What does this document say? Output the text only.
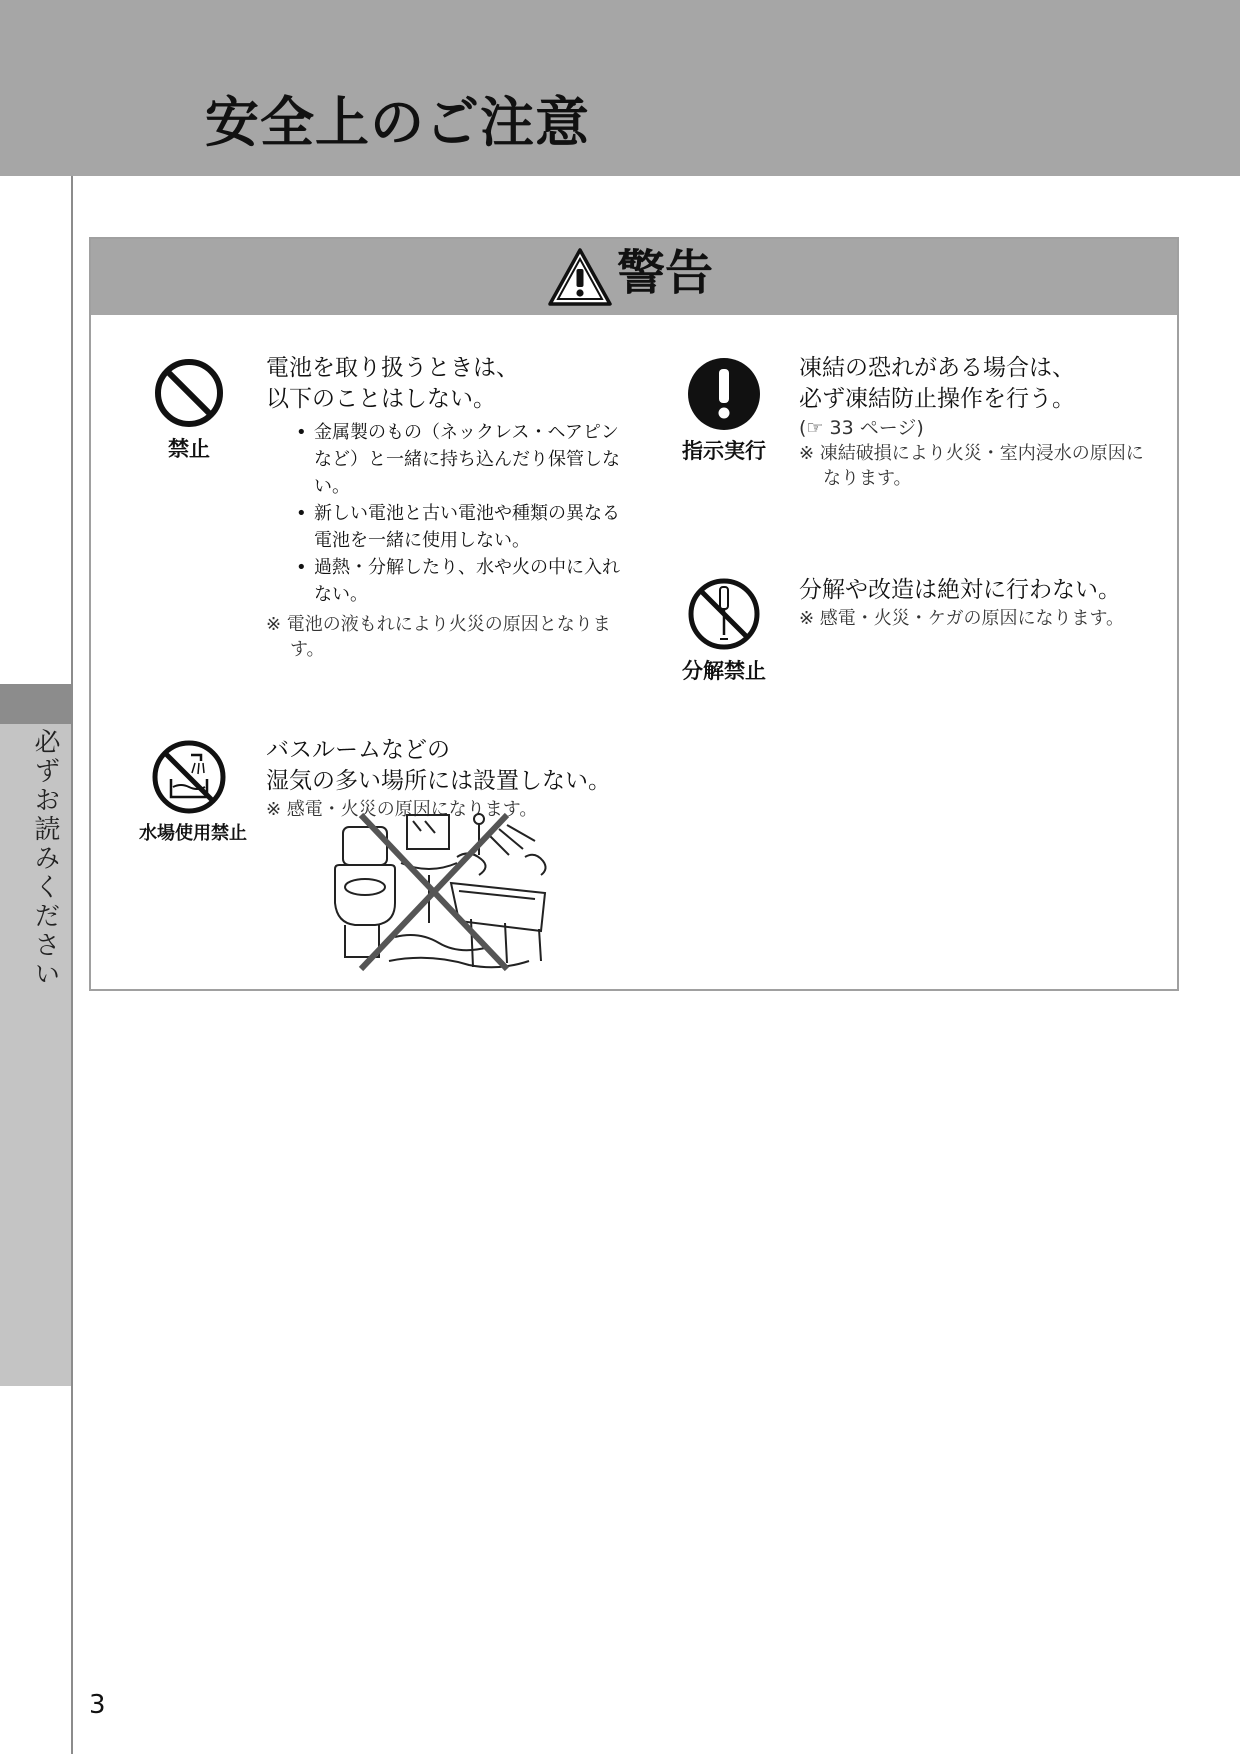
安全上のご注意
必ずお読みください
警告
禁止
電池を取り扱うときは、
以下のことはしない。
• 金属製のもの（ネックレス・ヘアピンなど）と一緒に持ち込んだり保管しない。
• 新しい電池と古い電池や種類の異なる電池を一緒に使用しない。
• 過熱・分解したり、水や火の中に入れない。
※ 電池の液もれにより火災の原因となります。
指示実行
凍結の恐れがある場合は、
必ず凍結防止操作を行う。
(☞ 33 ページ)
※ 凍結破損により火災・室内浸水の原因になります。
分解禁止
分解や改造は絶対に行わない。
※ 感電・火災・ケガの原因になります。
水場使用禁止
バスルームなどの
湿気の多い場所には設置しない。
※ 感電・火災の原因になります。
3
